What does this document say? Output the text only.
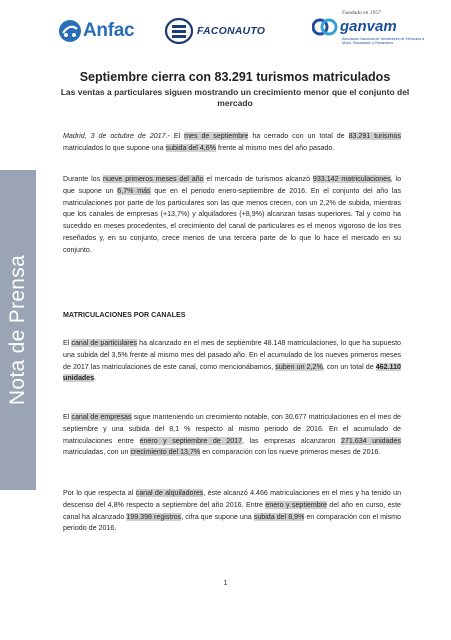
Anfac	FACONAUTO
Fundada en 1957
ganvam
Asociación Nacional de Vendedores de Vehículos a Motor, Reparación y Recambios
Nota de Prensa
Septiembre cierra con 83.291 turismos matriculados
Las ventas a particulares siguen mostrando un crecimiento menor que el conjunto del mercado

Madrid, 3 de octubre de 2017.- El mes de septiembre ha cerrado con un total de 83.291 turismos matriculados lo que supone una subida del 4,6% frente al mismo mes del año pasado.

Durante los nueve primeros meses del año el mercado de turismos alcanzó 933.142 matriculaciones, lo que supone un 6,7% más que en el periodo enero-septiembre de 2016. En el conjunto del año las matriculaciones por parte de los particulares son las que menos crecen, con un 2,2% de subida, mientras que los canales de empresas (+13,7%) y alquiladores (+8,9%) alcanzan tasas superiores. Tal y como ha sucedido en meses procedentes, el crecimiento del canal de particulares es el menos vigoroso de los tres reseñados y, en su conjunto, crece menos de una tercera parte de lo que lo hace el mercado en su conjunto.

MATRICULACIONES POR CANALES

El canal de particulares ha alcanzado en el mes de septiembre 48.148 matriculaciones, lo que ha supuesto una subida del 3,5% frente al mismo mes del pasado año. En el acumulado de los nueves primeros meses de 2017 las matriculaciones de este canal, como mencionábamos, suben un 2,2%, con un total de 462.110 unidades.

El canal de empresas sigue manteniendo un crecimiento notable, con 30.677 matriculaciones en el mes de septiembre y una subida del 8,1 % respecto al mismo periodo de 2016. En el acumulado de matriculaciones entre enero y septiembre de 2017, las empresas alcanzaron 271.634 unidades matriculadas, con un crecimiento del 13,7% en comparación con los nueve primeros meses de 2016.

Por lo que respecta al canal de alquiladores, éste alcanzó 4.466 matriculaciones en el mes y ha tenido un descenso del 4,8% respecto a septiembre del año 2016. Entre enero y septiembre del año en curso, este canal ha alcanzado 199.398 registros, cifra que supone una subida del 8,9% en comparación con el mismo periodo de 2016.

1
